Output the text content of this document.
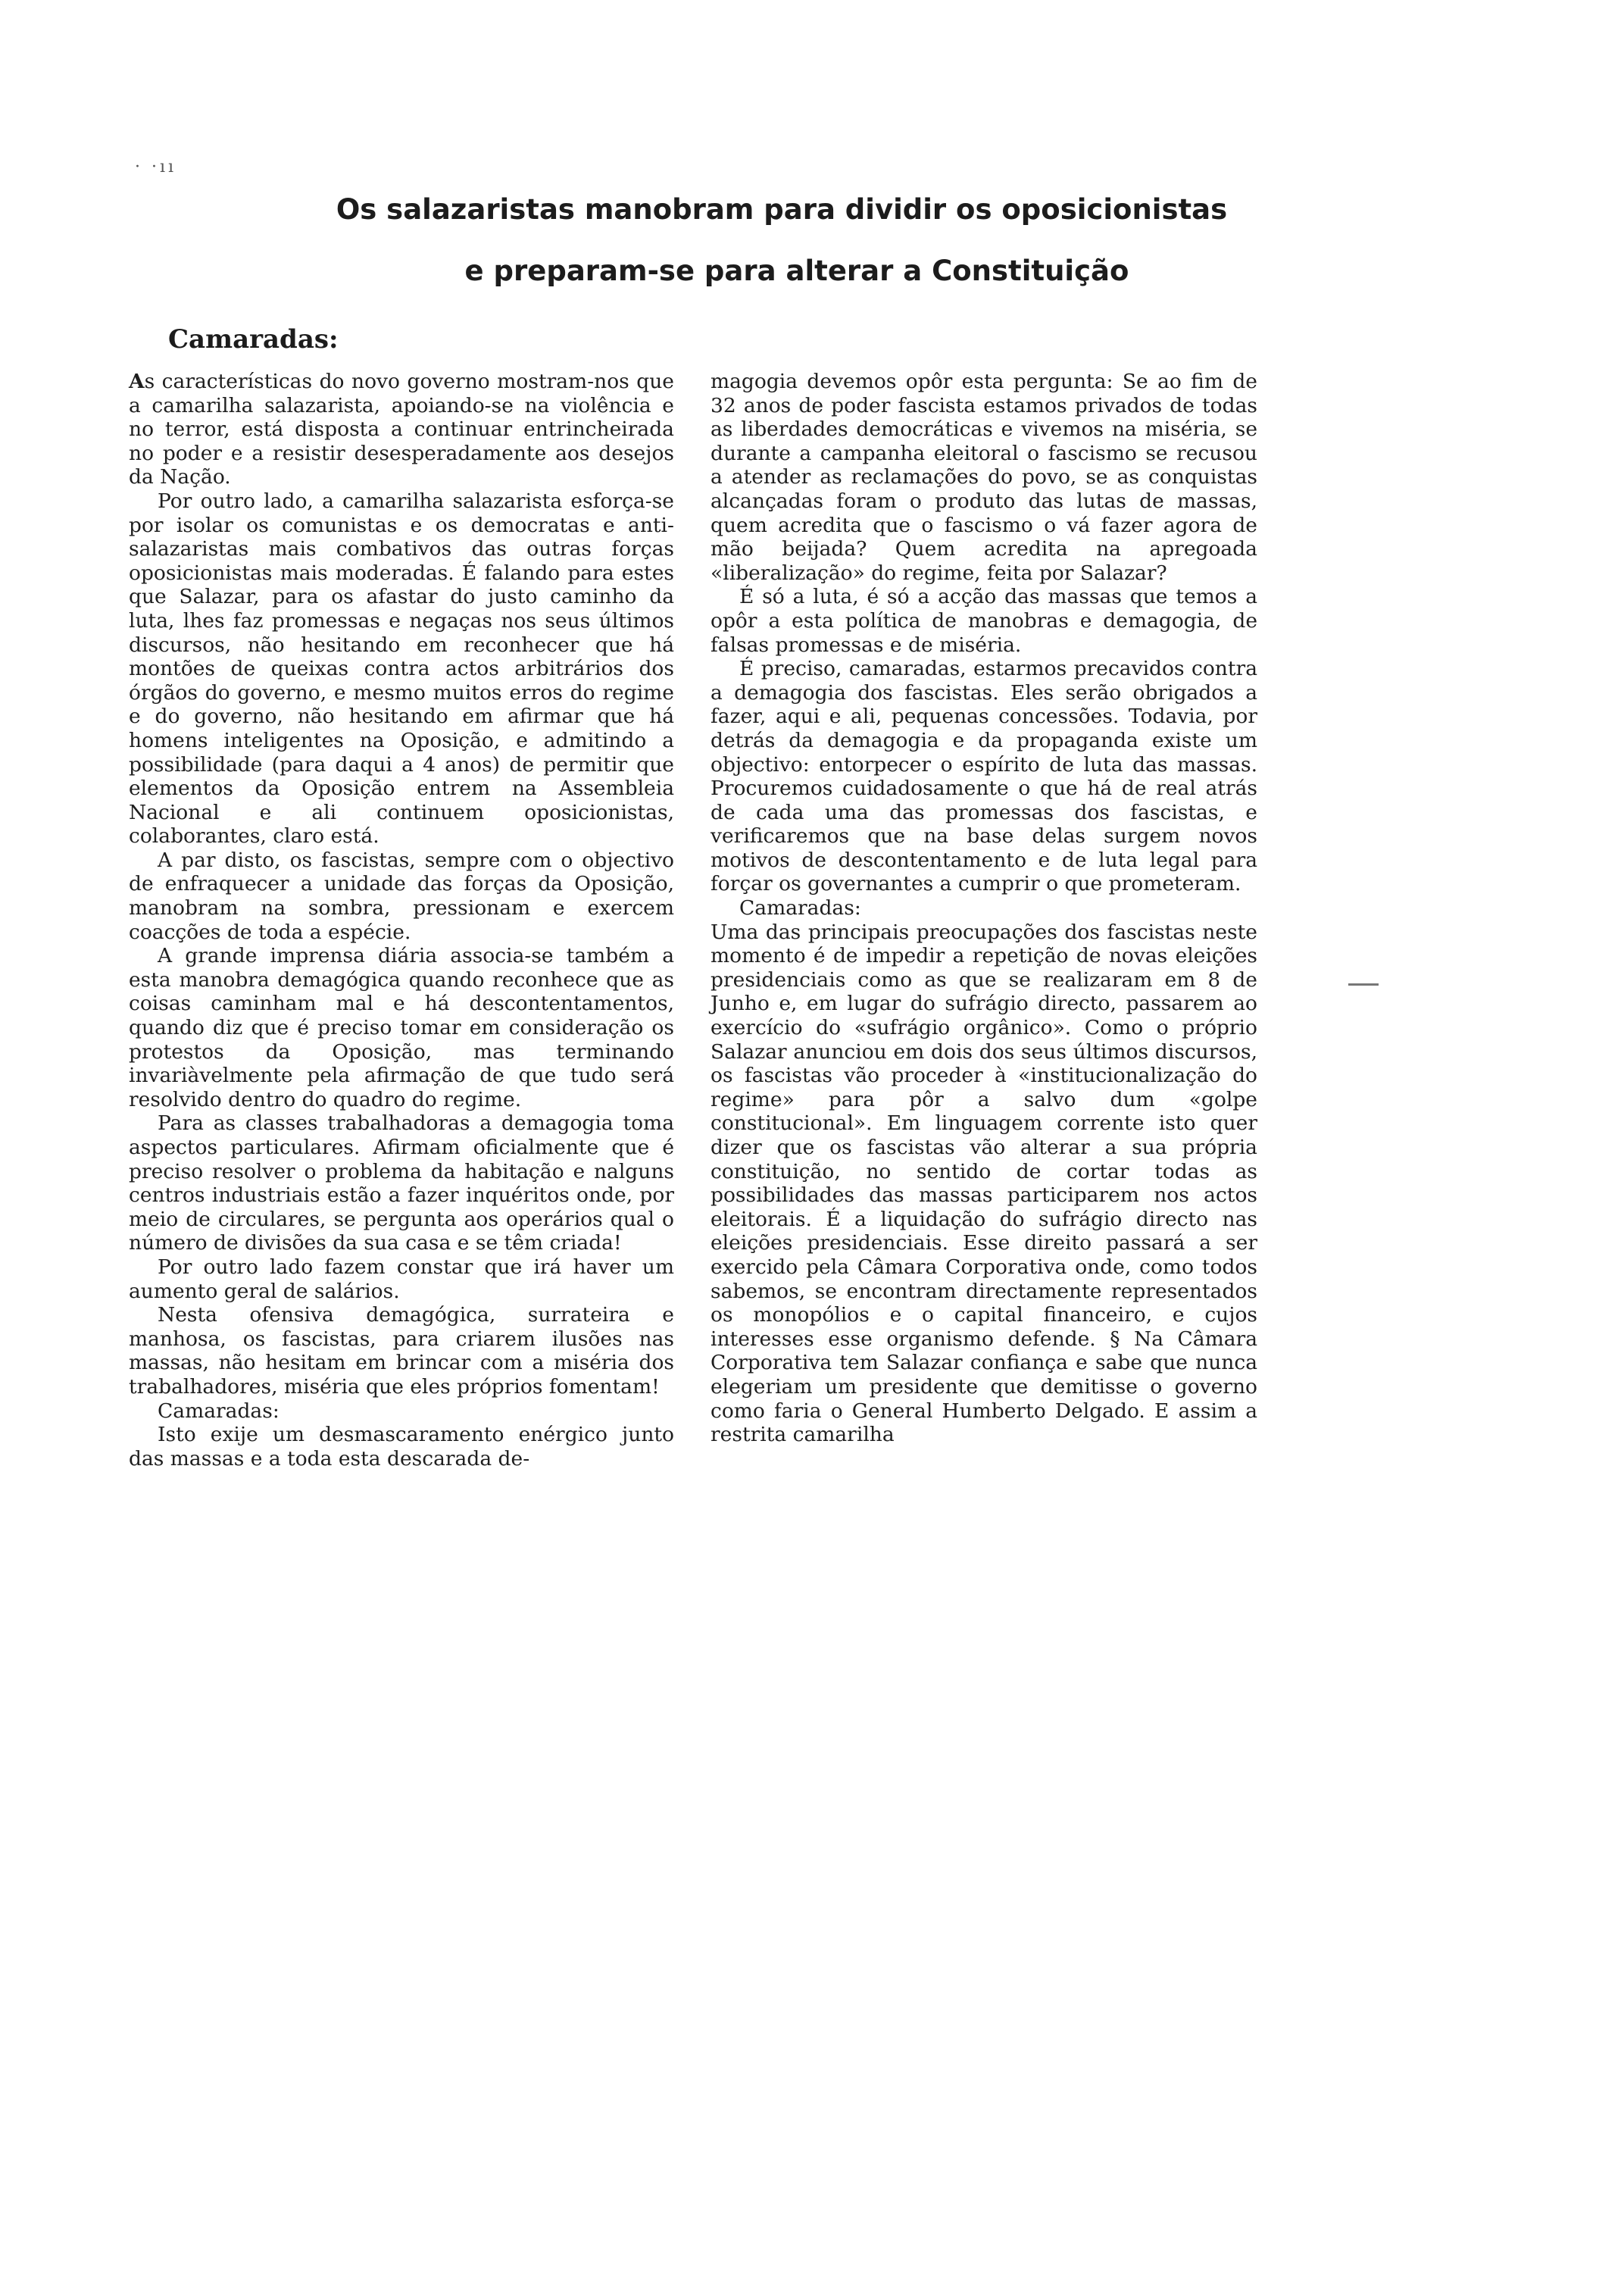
· ·ıı
Os salazaristas manobram para dividir os oposicionistas
e preparam-se para alterar a Constituição
Camaradas:

As características do novo governo mostram-nos que a camarilha salazarista, apoiando-se na violência e no terror, está disposta a continuar entrincheirada no poder e a resistir desesperadamente aos desejos da Nação.

Por outro lado, a camarilha salazarista esforça-se por isolar os comunistas e os democratas e anti-salazaristas mais combativos das outras forças oposicionistas mais moderadas. É falando para estes que Salazar, para os afastar do justo caminho da luta, lhes faz promessas e negaças nos seus últimos discursos, não hesitando em reconhecer que há montões de queixas contra actos arbitrários dos órgãos do governo, e mesmo muitos erros do regime e do governo, não hesitando em afirmar que há homens inteligentes na Oposição, e admitindo a possibilidade (para daqui a 4 anos) de permitir que elementos da Oposição entrem na Assembleia Nacional e ali continuem oposicionistas, colaborantes, claro está.

A par disto, os fascistas, sempre com o objectivo de enfraquecer a unidade das forças da Oposição, manobram na sombra, pressionam e exercem coacções de toda a espécie.

A grande imprensa diária associa-se também a esta manobra demagógica quando reconhece que as coisas caminham mal e há descontentamentos, quando diz que é preciso tomar em consideração os protestos da Oposição, mas terminando invariàvelmente pela afirmação de que tudo será resolvido dentro do quadro do regime.

Para as classes trabalhadoras a demagogia toma aspectos particulares. Afirmam oficialmente que é preciso resolver o problema da habitação e nalguns centros industriais estão a fazer inquéritos onde, por meio de circulares, se pergunta aos operários qual o número de divisões da sua casa e se têm criada!

Por outro lado fazem constar que irá haver um aumento geral de salários.

Nesta ofensiva demagógica, surrateira e manhosa, os fascistas, para criarem ilusões nas massas, não hesitam em brincar com a miséria dos trabalhadores, miséria que eles próprios fomentam!

Camaradas:

Isto exije um desmascaramento enérgico junto das massas e a toda esta descarada de-

magogia devemos opôr esta pergunta: Se ao fim de 32 anos de poder fascista estamos privados de todas as liberdades democráticas e vivemos na miséria, se durante a campanha eleitoral o fascismo se recusou a atender as reclamações do povo, se as conquistas alcançadas foram o produto das lutas de massas, quem acredita que o fascismo o vá fazer agora de mão beijada? Quem acredita na apregoada «liberalização» do regime, feita por Salazar?

É só a luta, é só a acção das massas que temos a opôr a esta política de manobras e demagogia, de falsas promessas e de miséria.

É preciso, camaradas, estarmos precavidos contra a demagogia dos fascistas. Eles serão obrigados a fazer, aqui e ali, pequenas concessões. Todavia, por detrás da demagogia e da propaganda existe um objectivo: entorpecer o espírito de luta das massas. Procuremos cuidadosamente o que há de real atrás de cada uma das promessas dos fascistas, e verificaremos que na base delas surgem novos motivos de descontentamento e de luta legal para forçar os governantes a cumprir o que prometeram.

Camaradas:

Uma das principais preocupações dos fascistas neste momento é de impedir a repetição de novas eleições presidenciais como as que se realizaram em 8 de Junho e, em lugar do sufrágio directo, passarem ao exercício do «sufrágio orgânico». Como o próprio Salazar anunciou em dois dos seus últimos discursos, os fascistas vão proceder à «institucionalização do regime» para pôr a salvo dum «golpe constitucional». Em linguagem corrente isto quer dizer que os fascistas vão alterar a sua própria constituição, no sentido de cortar todas as possibilidades das massas participarem nos actos eleitorais. É a liquidação do sufrágio directo nas eleições presidenciais. Esse direito passará a ser exercido pela Câmara Corporativa onde, como todos sabemos, se encontram directamente representados os monopólios e o capital financeiro, e cujos interesses esse organismo defende. § Na Câmara Corporativa tem Salazar confiança e sabe que nunca elegeriam um presidente que demitisse o governo como faria o General Humberto Delgado. E assim a restrita camarilha
